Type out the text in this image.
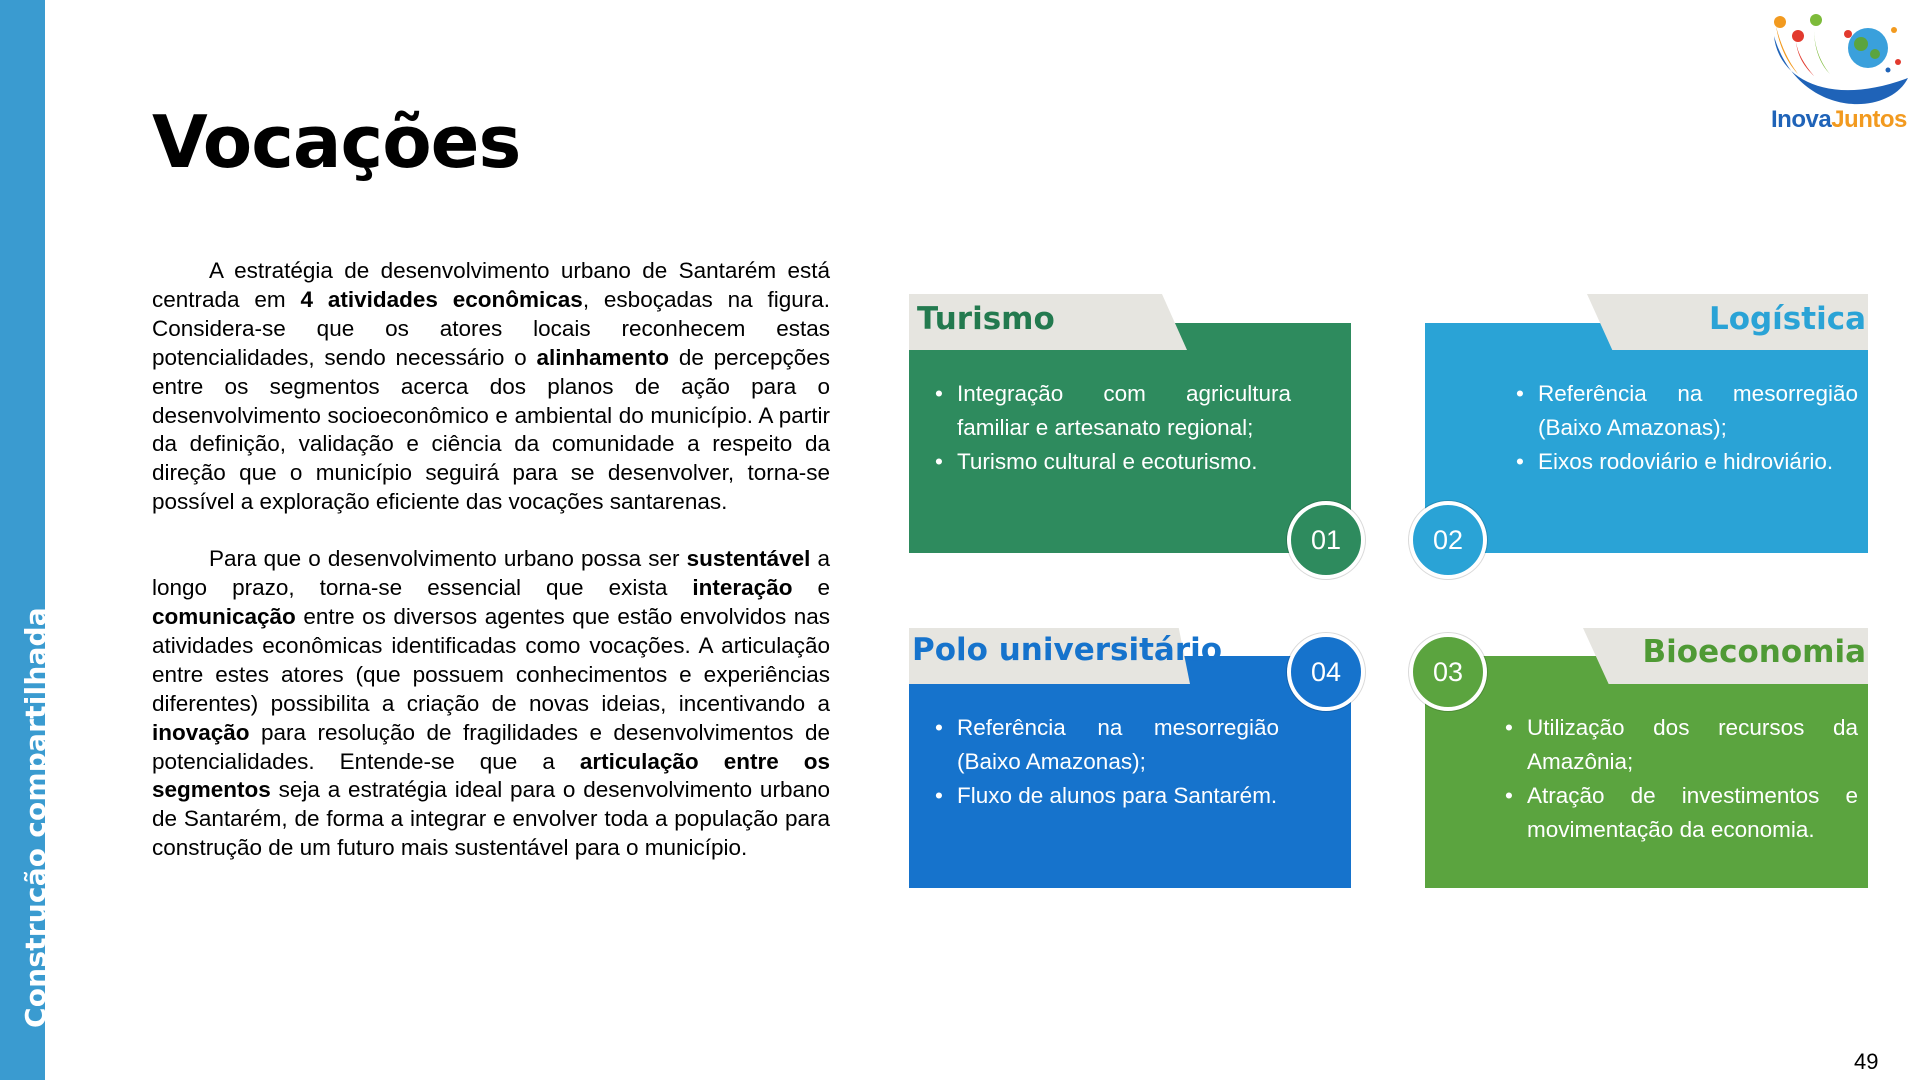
Construção compartilhada
Vocações

A estratégia de desenvolvimento urbano de Santarém está centrada em 4 atividades econômicas, esboçadas na figura. Considera-se que os atores locais reconhecem estas potencialidades, sendo necessário o alinhamento de percepções entre os segmentos acerca dos planos de ação para o desenvolvimento socioeconômico e ambiental do município. A partir da definição, validação e ciência da comunidade a respeito da direção que o município seguirá para se desenvolver, torna-se possível a exploração eficiente das vocações santarenas.

Para que o desenvolvimento urbano possa ser sustentável a longo prazo, torna-se essencial que exista interação e comunicação entre os diversos agentes que estão envolvidos nas atividades econômicas identificadas como vocações. A articulação entre estes atores (que possuem conhecimentos e experiências diferentes) possibilita a criação de novas ideias, incentivando a inovação para resolução de fragilidades e desenvolvimentos de potencialidades. Entende-se que a articulação entre os segmentos seja a estratégia ideal para o desenvolvimento urbano de Santarém, de forma a integrar e envolver toda a população para construção de um futuro mais sustentável para o município.

Turismo
• Integração com agricultura familiar e artesanato regional;
• Turismo cultural e ecoturismo.
01
Logística
• Referência na mesorregião (Baixo Amazonas);
• Eixos rodoviário e hidroviário.
02
Polo universitário
• Referência na mesorregião (Baixo Amazonas);
• Fluxo de alunos para Santarém.
04
Bioeconomia
• Utilização dos recursos da Amazônia;
• Atração de investimentos e movimentação da economia.
03
InovaJuntos
49
